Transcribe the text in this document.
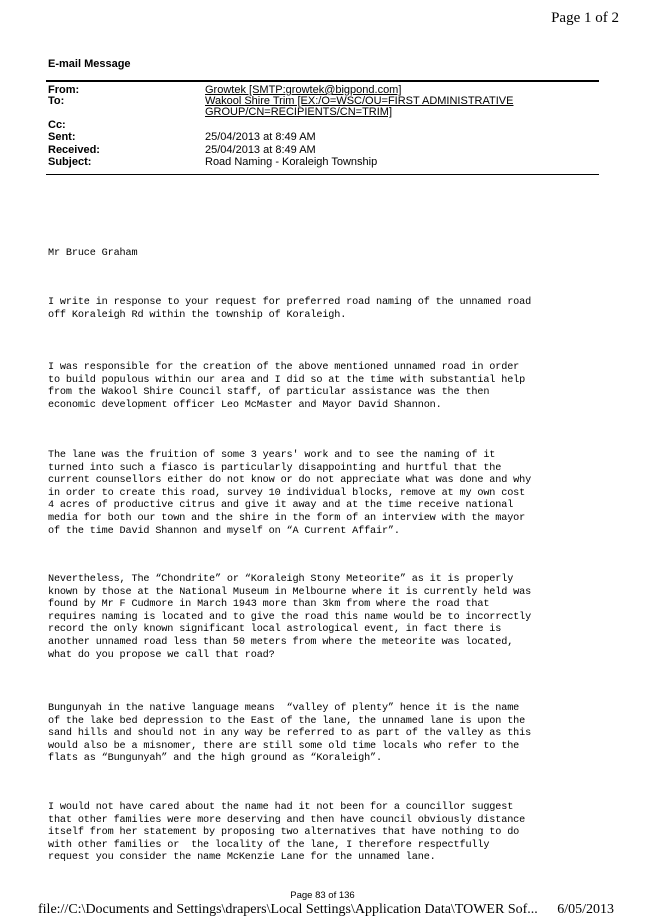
Page 1 of 2
E-mail Message
From:	Growtek [SMTP:growtek@bigpond.com]
To:	Wakool Shire Trim [EX:/O=WSC/OU=FIRST ADMINISTRATIVE
GROUP/CN=RECIPIENTS/CN=TRIM]
Cc:
Sent:	25/04/2013 at 8:49 AM
Received:	25/04/2013 at 8:49 AM
Subject:	Road Naming - Koraleigh Township
Mr Bruce Graham
I write in response to your request for preferred road naming of the unnamed road
off Koraleigh Rd within the township of Koraleigh.
I was responsible for the creation of the above mentioned unnamed road in order
to build populous within our area and I did so at the time with substantial help
from the Wakool Shire Council staff, of particular assistance was the then
economic development officer Leo McMaster and Mayor David Shannon.
The lane was the fruition of some 3 years' work and to see the naming of it
turned into such a fiasco is particularly disappointing and hurtful that the
current counsellors either do not know or do not appreciate what was done and why
in order to create this road, survey 10 individual blocks, remove at my own cost
4 acres of productive citrus and give it away and at the time receive national
media for both our town and the shire in the form of an interview with the mayor
of the time David Shannon and myself on “A Current Affair”.
Nevertheless, The “Chondrite” or “Koraleigh Stony Meteorite” as it is properly
known by those at the National Museum in Melbourne where it is currently held was
found by Mr F Cudmore in March 1943 more than 3km from where the road that
requires naming is located and to give the road this name would be to incorrectly
record the only known significant local astrological event, in fact there is
another unnamed road less than 50 meters from where the meteorite was located,
what do you propose we call that road?
Bungunyah in the native language means  “valley of plenty” hence it is the name
of the lake bed depression to the East of the lane, the unnamed lane is upon the
sand hills and should not in any way be referred to as part of the valley as this
would also be a misnomer, there are still some old time locals who refer to the
flats as “Bungunyah” and the high ground as “Koraleigh”.
I would not have cared about the name had it not been for a councillor suggest
that other families were more deserving and then have council obviously distance
itself from her statement by proposing two alternatives that have nothing to do
with other families or  the locality of the lane, I therefore respectfully
request you consider the name McKenzie Lane for the unnamed lane.
Page 83 of 136
file://C:\Documents and Settings\drapers\Local Settings\Application Data\TOWER Sof... 6/05/2013
